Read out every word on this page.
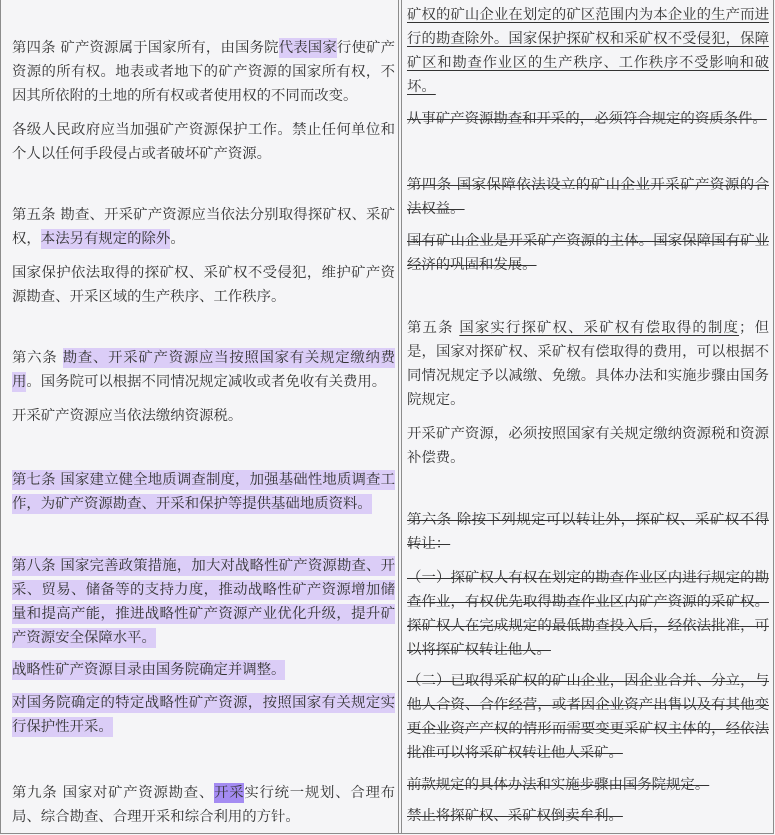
第四条 矿产资源属于国家所有，由国务院代表国家行使矿产资源的所有权。地表或者地下的矿产资源的国家所有权，不因其所依附的土地的所有权或者使用权的不同而改变。

各级人民政府应当加强矿产资源保护工作。禁止任何单位和个人以任何手段侵占或者破坏矿产资源。

第五条 勘查、开采矿产资源应当依法分别取得探矿权、采矿权，本法另有规定的除外。

国家保护依法取得的探矿权、采矿权不受侵犯，维护矿产资源勘查、开采区域的生产秩序、工作秩序。

第六条 勘查、开采矿产资源应当按照国家有关规定缴纳费用。国务院可以根据不同情况规定减收或者免收有关费用。

开采矿产资源应当依法缴纳资源税。

第七条 国家建立健全地质调查制度，加强基础性地质调查工作，为矿产资源勘查、开采和保护等提供基础地质资料。

第八条 国家完善政策措施，加大对战略性矿产资源勘查、开采、贸易、储备等的支持力度，推动战略性矿产资源增加储量和提高产能，推进战略性矿产资源产业优化升级，提升矿产资源安全保障水平。

战略性矿产资源目录由国务院确定并调整。

对国务院确定的特定战略性矿产资源，按照国家有关规定实行保护性开采。

第九条 国家对矿产资源勘查、开采实行统一规划、合理布局、综合勘查、合理开采和综合利用的方针。

矿权的矿山企业在划定的矿区范围内为本企业的生产而进行的勘查除外。国家保护探矿权和采矿权不受侵犯，保障矿区和勘查作业区的生产秩序、工作秩序不受影响和破坏。

从事矿产资源勘查和开采的，必须符合规定的资质条件。

第四条 国家保障依法设立的矿山企业开采矿产资源的合法权益。

国有矿山企业是开采矿产资源的主体。国家保障国有矿业经济的巩固和发展。

第五条 国家实行探矿权、采矿权有偿取得的制度；但是，国家对探矿权、采矿权有偿取得的费用，可以根据不同情况规定予以减缴、免缴。具体办法和实施步骤由国务院规定。

开采矿产资源，必须按照国家有关规定缴纳资源税和资源补偿费。

第六条 除按下列规定可以转让外，探矿权、采矿权不得转让：

（一）探矿权人有权在划定的勘查作业区内进行规定的勘查作业，有权优先取得勘查作业区内矿产资源的采矿权。探矿权人在完成规定的最低勘查投入后，经依法批准，可以将探矿权转让他人。

（二）已取得采矿权的矿山企业，因企业合并、分立，与他人合资、合作经营，或者因企业资产出售以及有其他变更企业资产产权的情形而需要变更采矿权主体的，经依法批准可以将采矿权转让他人采矿。

前款规定的具体办法和实施步骤由国务院规定。

禁止将探矿权、采矿权倒卖牟利。
